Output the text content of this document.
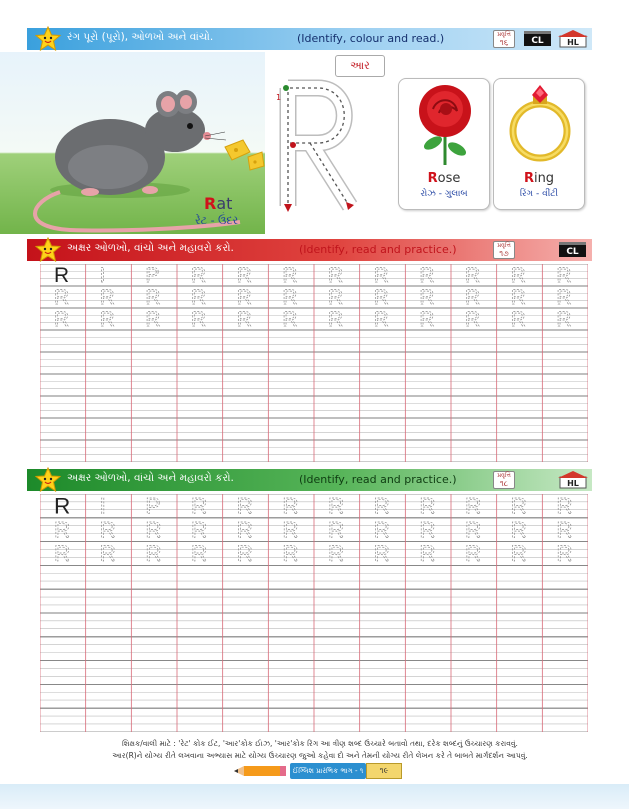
રંગ પૂરો (પૂરો), ઓળખો અને વાંચો.	(Identify, colour and read.)	પ્રવૃત્તિ
૧૬	CL	HL
Rat
રેટ - ઉંદર
આર
1
Rose
રોઝ - ગુલાબ
Ring
રિંગ - વીંટી
અક્ષર ઓળખો, વાંચો અને મહાવરો કરો.	(Identify, read and practice.)	પ્રવૃત્તિ
૧૭	CL
R I P R R R R R R R R R
R R R R R R R R R R R R
R R R R R R R R R R R R
અક્ષર ઓળખો, વાંચો અને મહાવરો કરો.	(Identify, read and practice.)	પ્રવૃત્તિ
૧૮	HL
R I P R R R R R R R R R
R R R R R R R R R R R R
R R R R R R R R R R R R
શિક્ષક/વાલી માટે : 'રેટ' કોક ઈટ, 'આર'કોક ઈાઝ, 'આર'કોક રિંગ આ ત્રીણ શબ્દ ઉચ્ચારે બતાવો તથા, દરેક શબ્દનું ઉચ્ચારણ કરાવવું.
આર(R)ને યોગ્ય રીતે લખવાના અભ્યાસ માટે યોગ્ય ઉચ્ચારણ જુઓ કહેવા દો અને તેમની યોગ્ય રીતે લેખન કરે તે બાબતે માર્ગદર્શન આપવું.
ઈંગ્લિશ પ્રારંભિક ભાગ - ૧	૧૯
